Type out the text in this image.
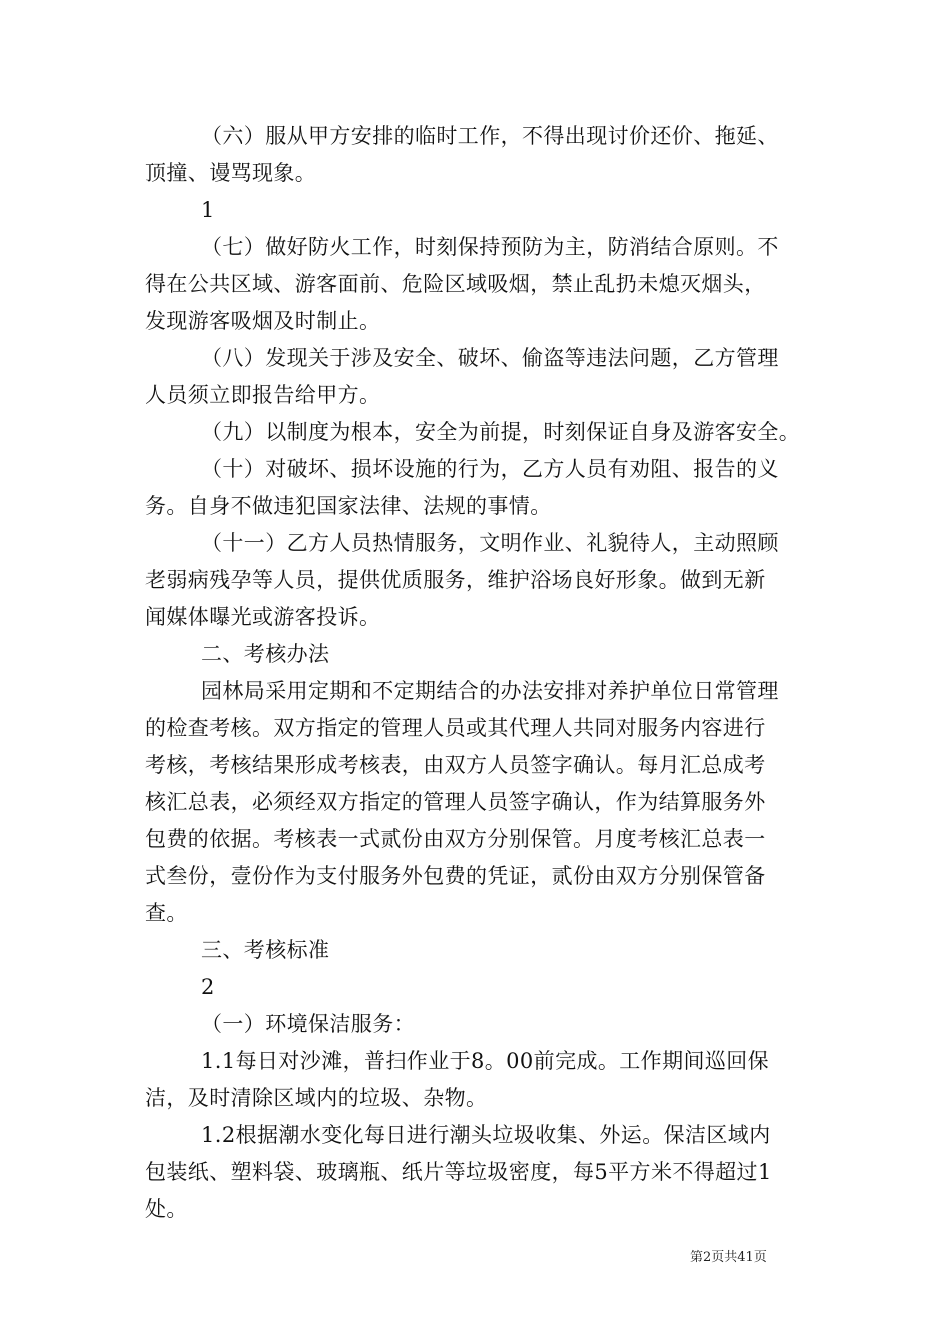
（六）服从甲方安排的临时工作，不得出现讨价还价、拖延、
顶撞、谩骂现象。

1

（七）做好防火工作，时刻保持预防为主，防消结合原则。不
得在公共区域、游客面前、危险区域吸烟，禁止乱扔未熄灭烟头，
发现游客吸烟及时制止。

（八）发现关于涉及安全、破坏、偷盗等违法问题，乙方管理
人员须立即报告给甲方。

（九）以制度为根本，安全为前提，时刻保证自身及游客安全。

（十）对破坏、损坏设施的行为，乙方人员有劝阻、报告的义
务。自身不做违犯国家法律、法规的事情。

（十一）乙方人员热情服务，文明作业、礼貌待人，主动照顾
老弱病残孕等人员，提供优质服务，维护浴场良好形象。做到无新
闻媒体曝光或游客投诉。

二、考核办法

园林局采用定期和不定期结合的办法安排对养护单位日常管理
的检查考核。双方指定的管理人员或其代理人共同对服务内容进行
考核，考核结果形成考核表，由双方人员签字确认。每月汇总成考
核汇总表，必须经双方指定的管理人员签字确认，作为结算服务外
包费的依据。考核表一式贰份由双方分别保管。月度考核汇总表一
式叁份，壹份作为支付服务外包费的凭证，贰份由双方分别保管备
查。

三、考核标准

2

（一）环境保洁服务：

1.1每日对沙滩，普扫作业于8。00前完成。工作期间巡回保
洁，及时清除区域内的垃圾、杂物。

1.2根据潮水变化每日进行潮头垃圾收集、外运。保洁区域内
包装纸、塑料袋、玻璃瓶、纸片等垃圾密度，每5平方米不得超过1
处。

第2页共41页
